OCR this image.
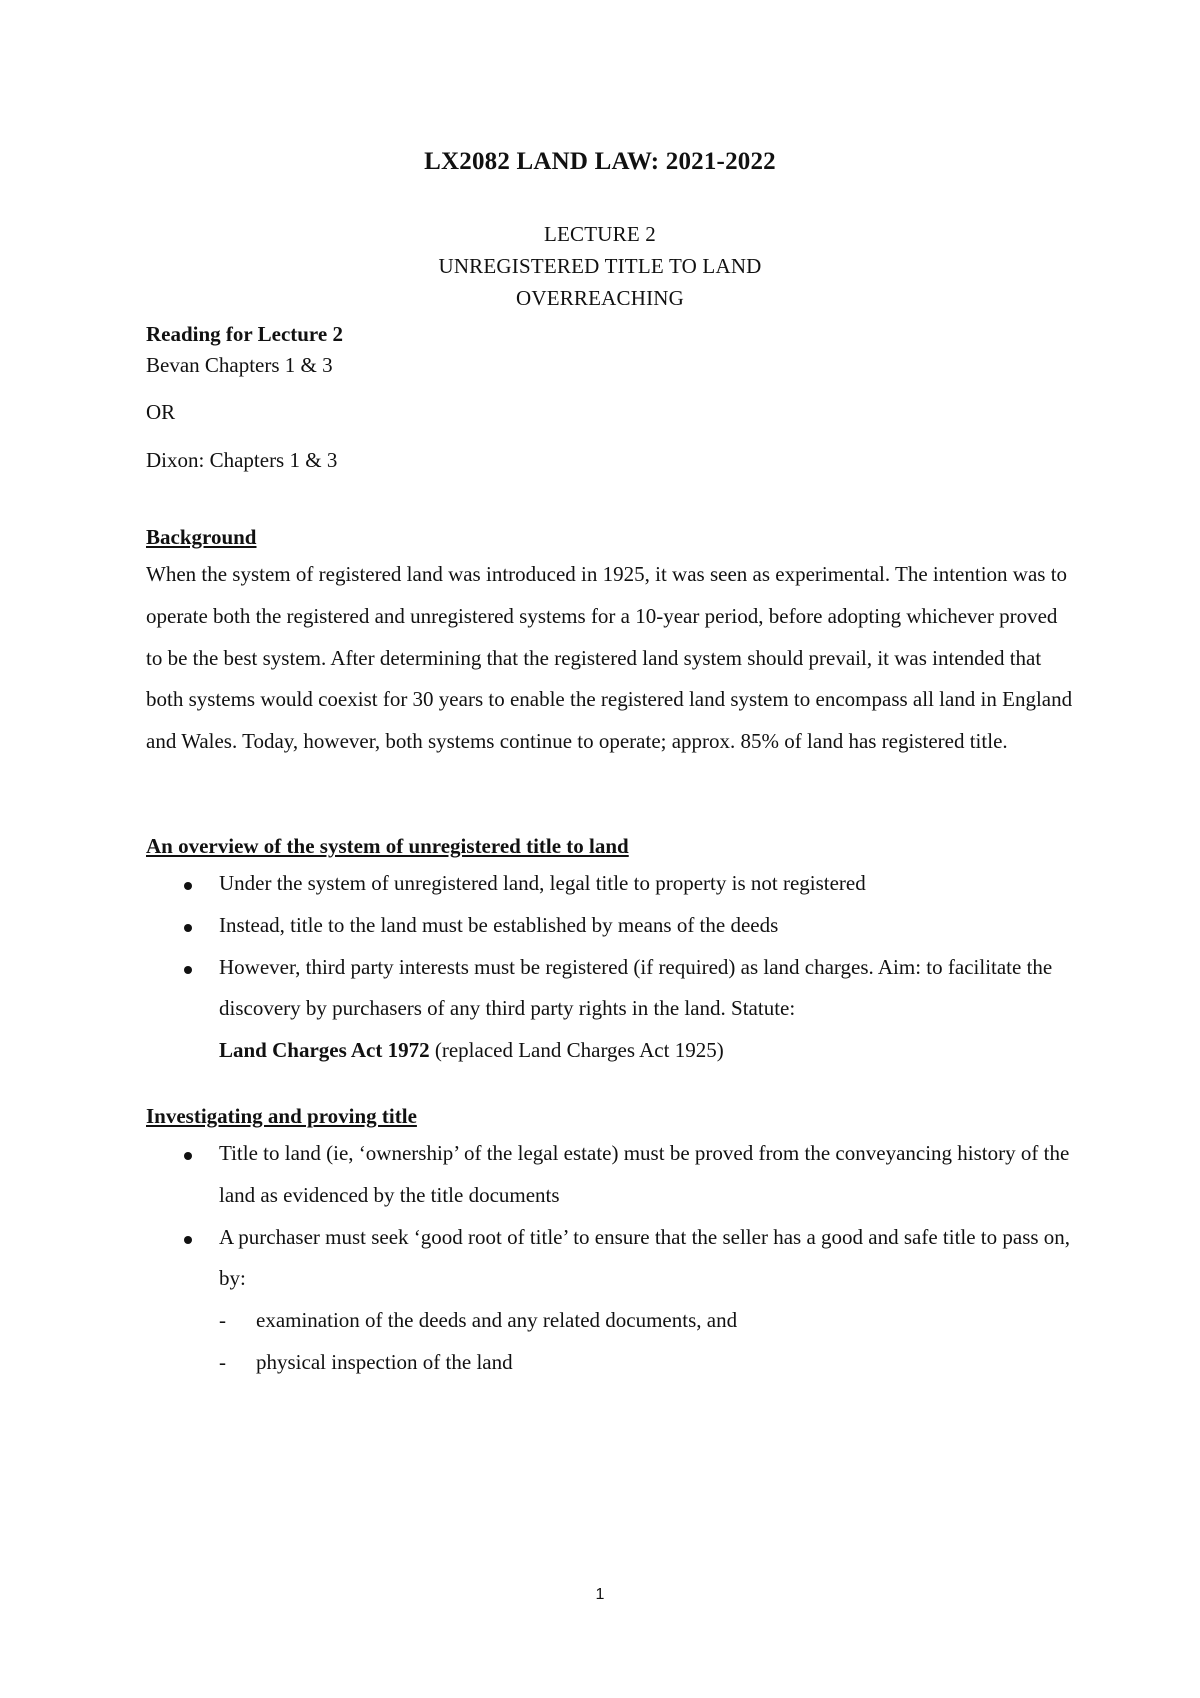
LX2082 LAND LAW: 2021-2022
LECTURE 2
UNREGISTERED TITLE TO LAND
OVERREACHING
Reading for Lecture 2
Bevan Chapters 1 & 3
OR
Dixon: Chapters 1 & 3
Background
When the system of registered land was introduced in 1925, it was seen as experimental. The intention was to operate both the registered and unregistered systems for a 10-year period, before adopting whichever proved to be the best system. After determining that the registered land system should prevail, it was intended that both systems would coexist for 30 years to enable the registered land system to encompass all land in England and Wales. Today, however, both systems continue to operate; approx. 85% of land has registered title.
An overview of the system of unregistered title to land
Under the system of unregistered land, legal title to property is not registered
Instead, title to the land must be established by means of the deeds
However, third party interests must be registered (if required) as land charges. Aim: to facilitate the discovery by purchasers of any third party rights in the land. Statute:
Land Charges Act 1972 (replaced Land Charges Act 1925)
Investigating and proving title
Title to land (ie, ‘ownership’ of the legal estate) must be proved from the conveyancing history of the land as evidenced by the title documents
A purchaser must seek ‘good root of title’ to ensure that the seller has a good and safe title to pass on, by:
- examination of the deeds and any related documents, and
- physical inspection of the land
1
